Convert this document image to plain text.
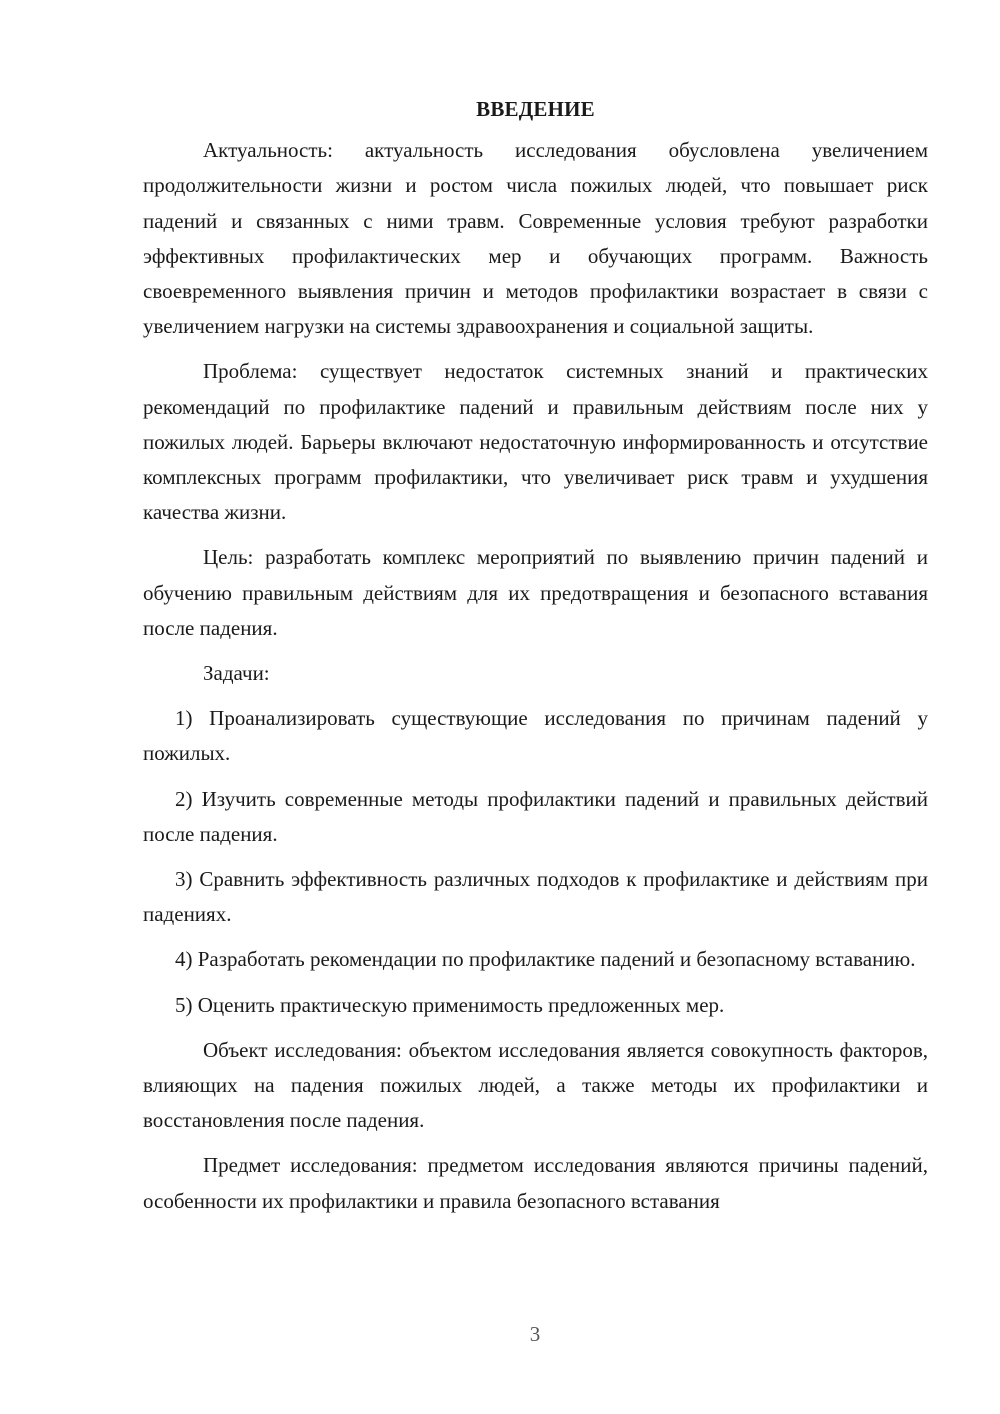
ВВЕДЕНИЕ

Актуальность: актуальность исследования обусловлена увеличением продолжительности жизни и ростом числа пожилых людей, что повышает риск падений и связанных с ними травм. Современные условия требуют разработки эффективных профилактических мер и обучающих программ. Важность своевременного выявления причин и методов профилактики возрастает в связи с увеличением нагрузки на системы здравоохранения и социальной защиты.

Проблема: существует недостаток системных знаний и практических рекомендаций по профилактике падений и правильным действиям после них у пожилых людей. Барьеры включают недостаточную информированность и отсутствие комплексных программ профилактики, что увеличивает риск травм и ухудшения качества жизни.

Цель: разработать комплекс мероприятий по выявлению причин падений и обучению правильным действиям для их предотвращения и безопасного вставания после падения.

Задачи:

1) Проанализировать существующие исследования по причинам падений у пожилых.

2) Изучить современные методы профилактики падений и правильных действий после падения.

3) Сравнить эффективность различных подходов к профилактике и действиям при падениях.

4) Разработать рекомендации по профилактике падений и безопасному вставанию.

5) Оценить практическую применимость предложенных мер.

Объект исследования: объектом исследования является совокупность факторов, влияющих на падения пожилых людей, а также методы их профилактики и восстановления после падения.

Предмет исследования: предметом исследования являются причины падений, особенности их профилактики и правила безопасного вставания

3
